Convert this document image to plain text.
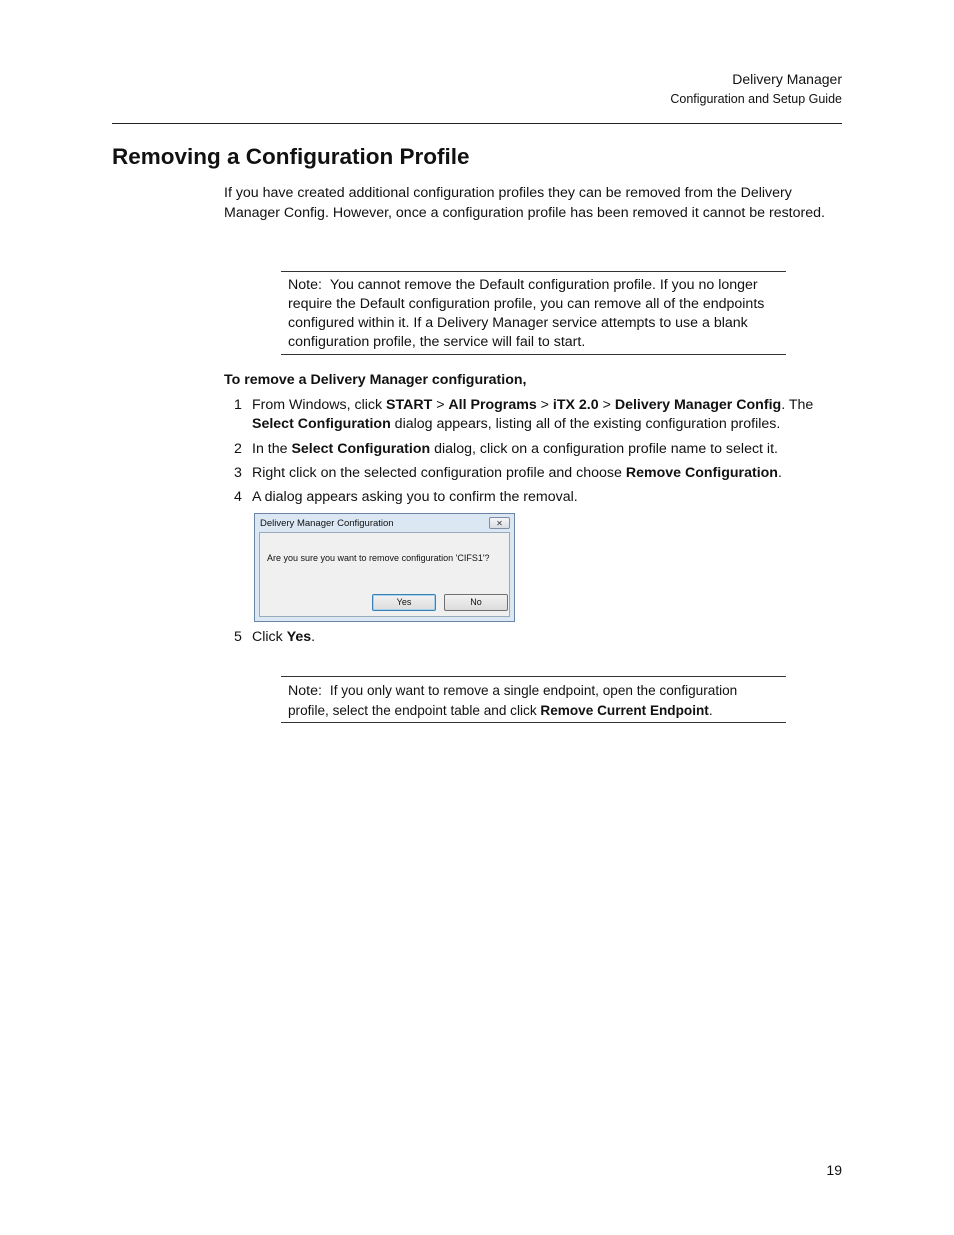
Delivery Manager
Configuration and Setup Guide
Removing a Configuration Profile
If you have created additional configuration profiles they can be removed from the Delivery Manager Config. However, once a configuration profile has been removed it cannot be restored.
Note: You cannot remove the Default configuration profile. If you no longer require the Default configuration profile, you can remove all of the endpoints configured within it. If a Delivery Manager service attempts to use a blank configuration profile, the service will fail to start.
To remove a Delivery Manager configuration,
1 From Windows, click START > All Programs > iTX 2.0 > Delivery Manager Config. The Select Configuration dialog appears, listing all of the existing configuration profiles.
2 In the Select Configuration dialog, click on a configuration profile name to select it.
3 Right click on the selected configuration profile and choose Remove Configuration.
4 A dialog appears asking you to confirm the removal.
Delivery Manager Configuration	✕
Are you sure you want to remove configuration 'CIFS1'?
Yes	No
5 Click Yes.
Note: If you only want to remove a single endpoint, open the configuration profile, select the endpoint table and click Remove Current Endpoint.
19
